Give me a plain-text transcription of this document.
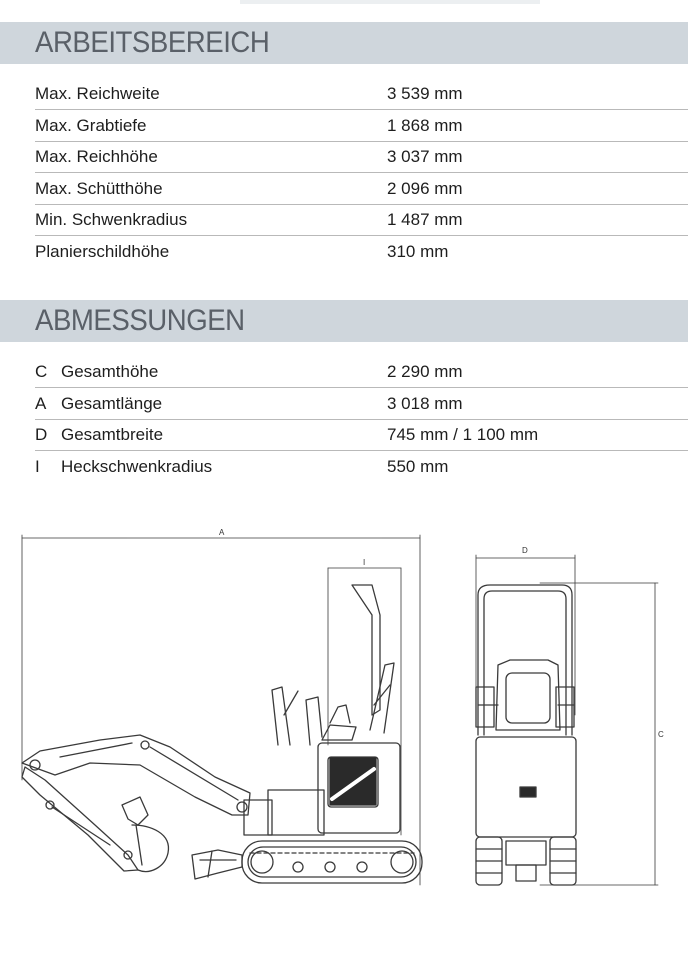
ARBEITSBEREICH
Max. Reichweite	3 539 mm
Max. Grabtiefe	1 868 mm
Max. Reichhöhe	3 037 mm
Max. Schütthöhe	2 096 mm
Min. Schwenkradius	1 487 mm
Planierschildhöhe	310 mm
ABMESSUNGEN
C Gesamthöhe	2 290 mm
A Gesamtlänge	3 018 mm
D Gesamtbreite	745 mm / 1 100 mm
I Heckschwenkradius	550 mm
A
I
D
C
